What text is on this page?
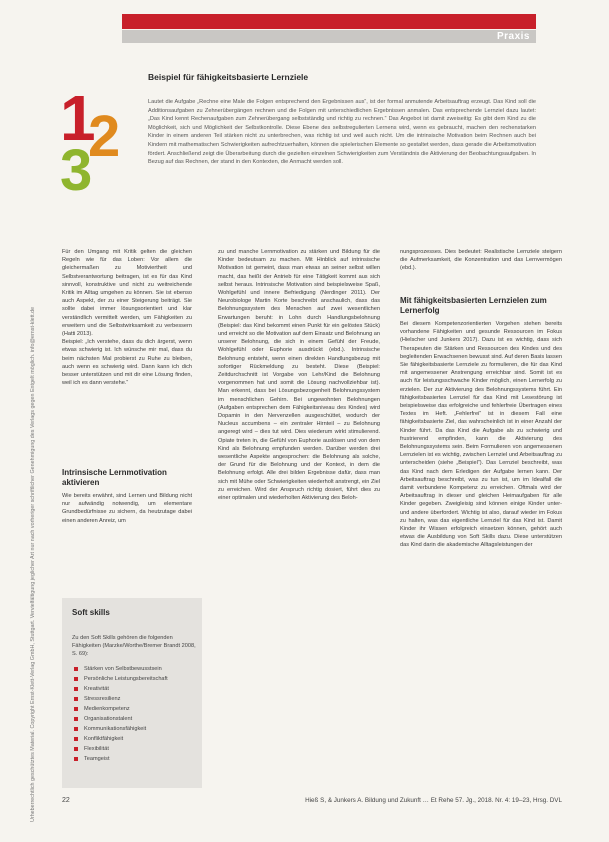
Praxis
Urheberrechtlich geschütztes Material. Copyright Ernst-Klett-Verlag GmbH, Stuttgart. Vervielfältigung jeglicher Art nur nach vorheriger schriftlicher Genehmigung des Verlags gegen Entgelt möglich. info@ernst-klett.de
1
2
3
Beispiel für fähigkeitsbasierte Lernziele
Lautet die Aufgabe „Rechne eine Male die Folgen entsprechend den Ergebnissen aus“, ist der formal anmutende Arbeitsauftrag erzeugt. Das Kind soll die Additionsaufgaben zu Zehnerübergängen rechnen und die Folgen mit unterschiedlichen Ergebnissen anmalen. Das entsprechende Lernziel dazu lautet: „Das Kind kennt Rechenaufgaben zum Zehnerübergang selbstständig und richtig zu rechnen.“ Das Angebot ist damit zweiseitig: Es gibt dem Kind zu die Möglichkeit, sich und Möglichkeit der Selbstkontrolle. Diese Ebene des selbstregulierten Lernens wird, wenn es gebraucht, machen den rechenstarken Kinder in einem anderen Teil stärken nicht zu unterbrechen, was richtig ist und weil auch nicht. Um die intrinsische Motivation beim Rechnen auch bei Kindern mit mathematischen Schwierigkeiten aufrechtzuerhalten, können die spielerischen Elemente so gestaltet werden, dass gerade die Arbeitsmotivation fördert. Anschließend zeigt die Überarbeitung durch die gezielten einzelnen Schwierigkeiten zum Verständnis die Aktivierung der Beobachtungsaufgaben. In Bezug auf das Rechnen, der stand in den Kontexten, die Anmacht werden soll.

Für den Umgang mit Kritik gelten die gleichen Regeln wie für das Loben: Vor allem die gleichermaßen zu Motiviertheit und Selbstverantwortung beitragen, ist es für das Kind sinnvoll, konstruktive und nicht zu weitreichende Kritik im Alltag umgehen zu können. Sie ist ebenso auch Aspekt, der zu einer Steigerung beiträgt. Sie sollte dabei immer lösungsorientiert und klar verständlich vermittelt werden, um Fähigkeiten zu erweitern und die Selbstwirksamkeit zu verbessern (Hatti 2013).

Beispiel: „Ich verstehe, dass du dich ärgerst, wenn etwas schwierig ist. Ich wünsche mir mal, dass du beim nächsten Mal probierst zu Ruhe zu bleiben, auch wenn es schwierig wird. Dann kann ich dich besser unterstützen und mit dir eine Lösung finden, weil ich es dann verstehe.“

Intrinsische Lernmotivation aktivieren
Wie bereits erwähnt, sind Lernen und Bildung nicht nur aufwändig notwendig, um elementare Grundbedürfnisse zu sichern, da heutzutage dabei einen anderen Anreiz, um
Soft skills
Zu den Soft Skills gehören die folgenden Fähigkeiten (Marzke/Worthe/Bremer Brandt 2008, S. 69):
Stärken von Selbstbewusstsein
Persönliche Leistungsbereitschaft
Kreativität
Stressresilienz
Medienkompetenz
Organisationstalent
Kommunikationsfähigkeit
Konfliktfähigkeit
Flexibilität
Teamgeist

zu und manche Lernmotivation zu stärken und Bildung für die Kinder bedeutsam zu machen. Mit Hinblick auf intrinsische Motivation ist gemeint, dass man etwas an seiner selbst willen macht, das heißt der Antrieb für eine Tätigkeit kommt aus sich selbst heraus. Intrinsische Motivation sind beispielsweise Spaß, Wohlgefühl und innere Befriedigung (Nerdinger 2011). Der Neurobiologe Martin Korte beschreibt anschaulich, dass das Belohnungssystem des Menschen auf zwei wesentlichen Erwartungen beruht: in Lohn durch Handlungsbelohnung (Beispiel: das Kind bekommt einen Punkt für ein gelöstes Stück) und erreicht so die Motivation auf dem Einsatz und Belohnung an unserer Belohnung, die sich in einem Gefühl der Freude, Wohlgefühl oder Euphorie ausdrückt (ebd.). Intrinsische Belohnung entsteht, wenn einen direkten Handlungsbezug mit sofortiger Rückmeldung zu besteht. Diese (Beispiel: Zeitdurchschnitt ist Vorgabe von Lehr/Kind die Belohnung vorgenommen hat und somit die Lösung nachvollziehbar ist). Man erkennt, dass bei Lösungsbezogenheit Belohnungssystem im menschlichen Gehirn. Bei ungewohnten Belohnungen (Aufgaben entsprechen dem Fähigkeitsniveau des Kindes) wird Dopamin in den Nervenzellen ausgeschüttet, wodurch der Nucleus accumbens – ein zentraler Hirnteil – zu Belohnung angeregt wird – dies tut wird. Dies wiederum wirkt stimulierend. Opiate treten in, die Gefühl von Euphorie auslösen und von dem Kind als Belohnung empfunden werden. Darüber werden drei wesentliche Aspekte angesprochen: die Belohnung als solche, der Grund für die Belohnung und der Kontext, in dem die Belohnung erfolgt. Alle drei bilden Ergebnisse dafür, dass man sich mit Mühe oder Schwierigkeiten wiederholt anstrengt, ein Ziel zu erreichen. Wird der Anspruch richtig dosiert, führt dies zu einer optimalen und wiederholten Aktivierung des Beloh-

nungsprozesses. Dies bedeutet: Realistische Lernziele steigern die Aufmerksamkeit, die Konzentration und das Lernvermögen (ebd.).

Mit fähigkeitsbasierten Lernzielen zum Lernerfolg
Bei diesem Kompetenzorientierten Vorgehen stehen bereits vorhandene Fähigkeiten und gesunde Ressourcen im Fokus (Hielscher und Junkers 2017). Dazu ist es wichtig, dass sich Therapeuten die Stärken und Ressourcen des Kindes und des begleitenden Erwachsenen bewusst sind. Auf deren Basis lassen Sie fähigkeitsbasierte Lernziele zu formulieren, die für das Kind mit angemessener Anstrengung erreichbar sind. Somit ist es auch für leistungsschwache Kinder möglich, einen Lernerfolg zu erzielen. Der zur Aktivierung des Belohnungssystems führt. Ein fähigkeitsbasiertes Lernziel für das Kind mit Lesestörung ist beispielsweise das erfolgreiche und fehlerfreie Übertragen eines Textes im Heft. „Fehlerfrei“ ist in diesem Fall eine fähigkeitsbasierte Ziel, das wahrscheinlich ist in einer Anzahl der Kinder führt. Da das Kind die Aufgabe als zu schwierig und frustrierend empfinden, kann die Aktivierung des Belohnungssystems sein. Beim Formulieren von angemessenen Lernzielen ist es wichtig, zwischen Lernziel und Arbeitsauftrag zu unterscheiden (siehe „Beispiel“). Das Lernziel beschreibt, was das Kind nach dem Erledigen der Aufgabe lernen kann. Der Arbeitsauftrag beschreibt, was zu tun ist, um im Idealfall die damit verbundene Kompetenz zu erreichen. Oftmals wird der Arbeitsauftrag in dieser und gleichen Heimaufgaben für alle Kinder gegeben. Zweigleisig sind können einige Kinder unter- und andere überfordert. Wichtig ist also, darauf wieder im Fokus zu halten, was das eigentliche Lernziel für das Kind ist. Damit Kinder ihr Wissen erfolgreich einsetzen können, gehört auch etwas die Ausbildung von Soft Skills dazu. Diese unterstützen das Kind darin die akademische Alltagsleistungen der
22	Hieß S, & Junkers A. Bildung und Zukunft … Et Rehe 57. Jg., 2018. Nr. 4: 19–23, Hrsg. DVL
